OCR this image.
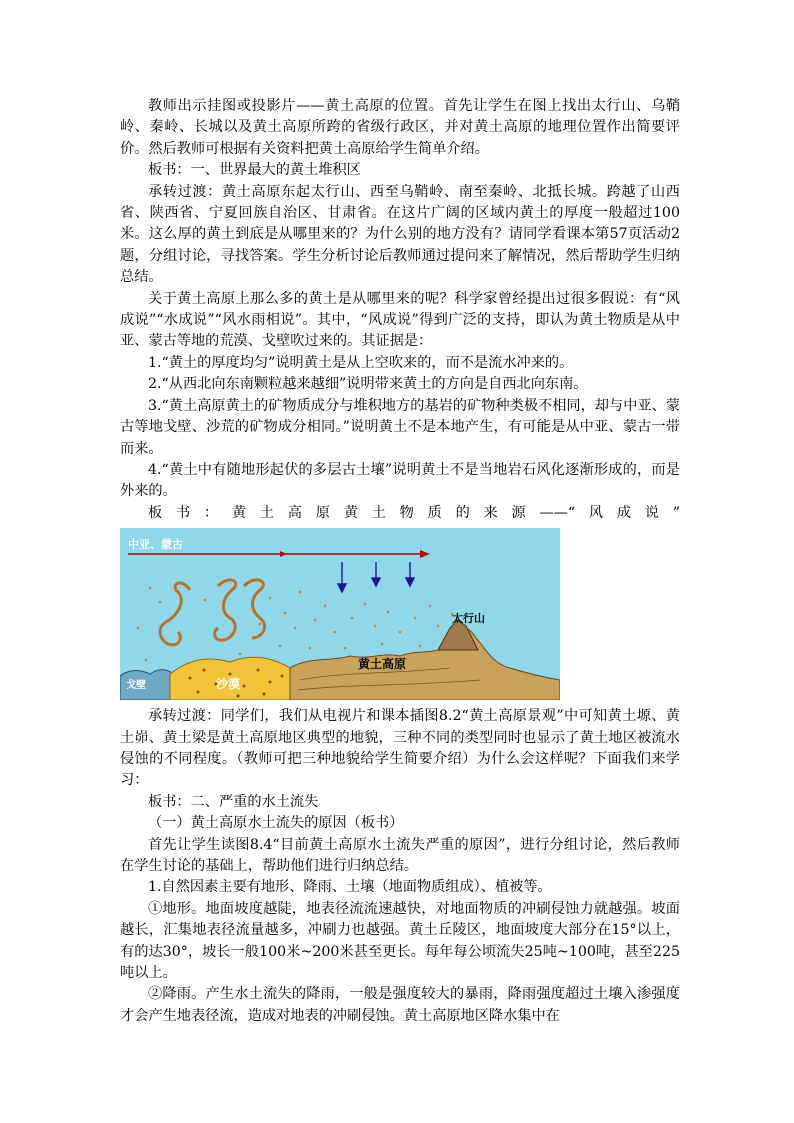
教师出示挂图或投影片——黄土高原的位置。首先让学生在图上找出太行山、乌鞘岭、秦岭、长城以及黄土高原所跨的省级行政区，并对黄土高原的地理位置作出简要评价。然后教师可根据有关资料把黄土高原给学生简单介绍。

板书：一、世界最大的黄土堆积区

承转过渡：黄土高原东起太行山、西至乌鞘岭、南至秦岭、北抵长城。跨越了山西省、陕西省、宁夏回族自治区、甘肃省。在这片广阔的区域内黄土的厚度一般超过100米。这么厚的黄土到底是从哪里来的？为什么别的地方没有？请同学看课本第57页活动2题，分组讨论，寻找答案。学生分析讨论后教师通过提问来了解情况，然后帮助学生归纳总结。

关于黄土高原上那么多的黄土是从哪里来的呢？科学家曾经提出过很多假说：有“风成说”“水成说”“风水雨相说”。其中，“风成说”得到广泛的支持，即认为黄土物质是从中亚、蒙古等地的荒漠、戈壁吹过来的。其证据是：

1.“黄土的厚度均匀”说明黄土是从上空吹来的，而不是流水冲来的。

2.“从西北向东南颗粒越来越细”说明带来黄土的方向是自西北向东南。

3.“黄土高原黄土的矿物质成分与堆积地方的基岩的矿物种类极不相同，却与中亚、蒙古等地戈壁、沙荒的矿物成分相同。”说明黄土不是本地产生，有可能是从中亚、蒙古一带而来。

4.“黄土中有随地形起伏的多层古土壤”说明黄土不是当地岩石风化逐渐形成的，而是外来的。

板书：黄土高原黄土物质的来源——“风成说”

中亚、蒙古
沙漠
戈壁
黄土高原
太行山

承转过渡：同学们，我们从电视片和课本插图8.2“黄土高原景观”中可知黄土塬、黄土峁、黄土梁是黄土高原地区典型的地貌，三种不同的类型同时也显示了黄土地区被流水侵蚀的不同程度。（教师可把三种地貌给学生简要介绍）为什么会这样呢？下面我们来学习：

板书：二、严重的水土流失

（一）黄土高原水土流失的原因（板书）

首先让学生读图8.4“目前黄土高原水土流失严重的原因”，进行分组讨论，然后教师在学生讨论的基础上，帮助他们进行归纳总结。

1.自然因素主要有地形、降雨、土壤（地面物质组成）、植被等。

①地形。地面坡度越陡，地表径流流速越快，对地面物质的冲刷侵蚀力就越强。坡面越长，汇集地表径流量越多，冲刷力也越强。黄土丘陵区，地面坡度大部分在15°以上，有的达30°，坡长一般100米~200米甚至更长。每年每公顷流失25吨~100吨，甚至225吨以上。

②降雨。产生水土流失的降雨，一般是强度较大的暴雨，降雨强度超过土壤入渗强度才会产生地表径流，造成对地表的冲刷侵蚀。黄土高原地区降水集中在
